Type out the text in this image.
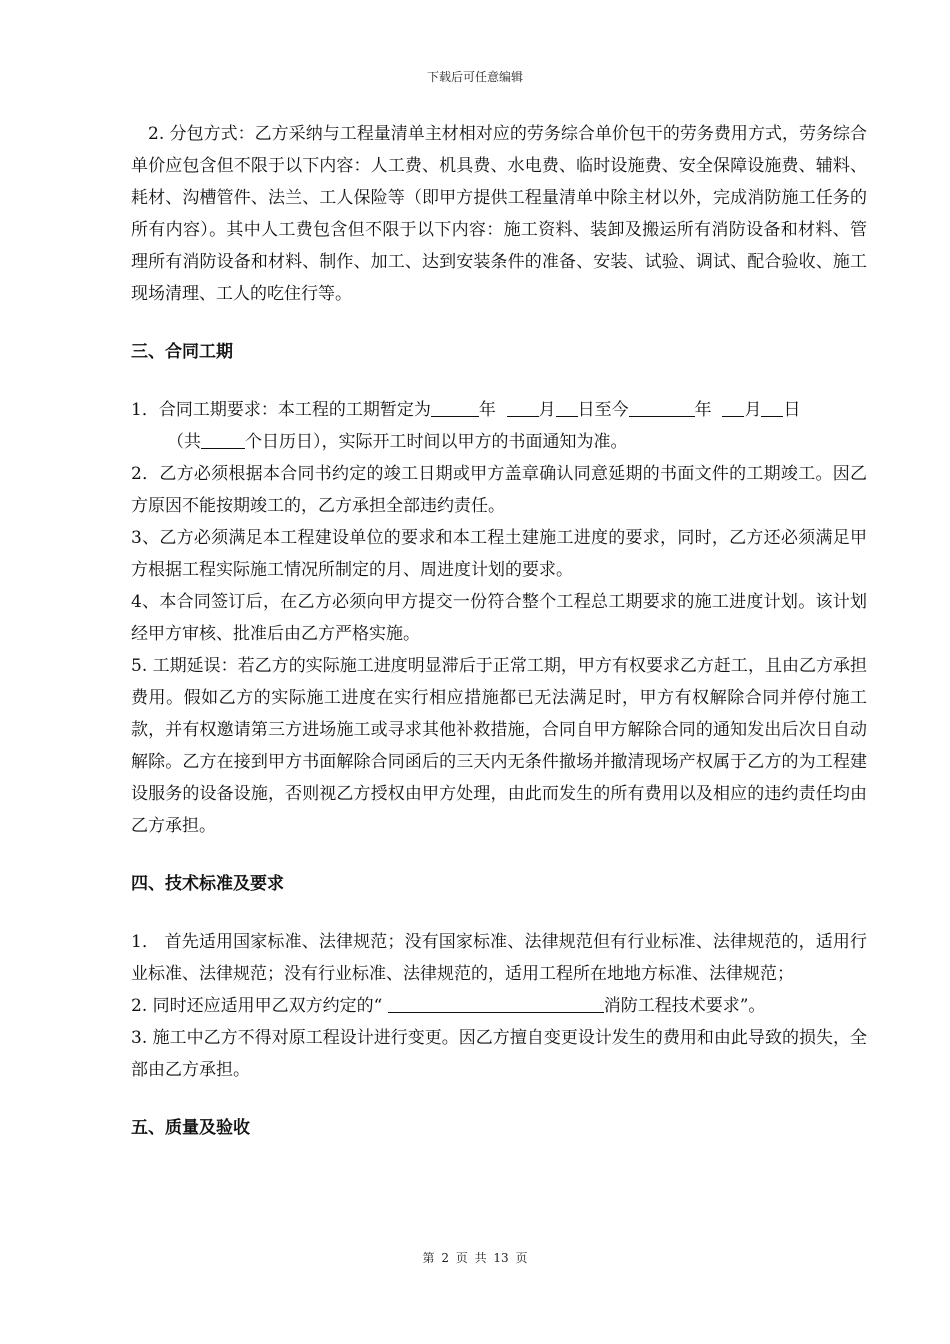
下载后可任意编辑

2. 分包方式：乙方采纳与工程量清单主材相对应的劳务综合单价包干的劳务费用方式，劳务综合单价应包含但不限于以下内容：人工费、机具费、水电费、临时设施费、安全保障设施费、辅料、耗材、沟槽管件、法兰、工人保险等（即甲方提供工程量清单中除主材以外，完成消防施工任务的所有内容）。其中人工费包含但不限于以下内容：施工资料、装卸及搬运所有消防设备和材料、管理所有消防设备和材料、制作、加工、达到安装条件的准备、安装、试验、调试、配合验收、施工现场清理、工人的吃住行等。

三、合同工期

1．合同工期要求：本工程的工期暂定为	年	月 日至今	年 月 日
（共	个日历日），实际开工时间以甲方的书面通知为准。

2．乙方必须根据本合同书约定的竣工日期或甲方盖章确认同意延期的书面文件的工期竣工。因乙方原因不能按期竣工的，乙方承担全部违约责任。

3、乙方必须满足本工程建设单位的要求和本工程土建施工进度的要求，同时，乙方还必须满足甲方根据工程实际施工情况所制定的月、周进度计划的要求。

4、本合同签订后，在乙方必须向甲方提交一份符合整个工程总工期要求的施工进度计划。该计划经甲方审核、批准后由乙方严格实施。

5. 工期延误：若乙方的实际施工进度明显滞后于正常工期，甲方有权要求乙方赶工，且由乙方承担费用。假如乙方的实际施工进度在实行相应措施都已无法满足时，甲方有权解除合同并停付施工款，并有权邀请第三方进场施工或寻求其他补救措施，合同自甲方解除合同的通知发出后次日自动解除。乙方在接到甲方书面解除合同函后的三天内无条件撤场并撤清现场产权属于乙方的为工程建设服务的设备设施，否则视乙方授权由甲方处理，由此而发生的所有费用以及相应的违约责任均由乙方承担。

四、技术标准及要求

1． 首先适用国家标准、法律规范；没有国家标准、法律规范但有行业标准、法律规范的，适用行业标准、法律规范；没有行业标准、法律规范的，适用工程所在地地方标准、法律规范；

2. 同时还应适用甲乙双方约定的“	消防工程技术要求”。

3. 施工中乙方不得对原工程设计进行变更。因乙方擅自变更设计发生的费用和由此导致的损失，全部由乙方承担。

五、质量及验收

第 2 页 共 13 页
